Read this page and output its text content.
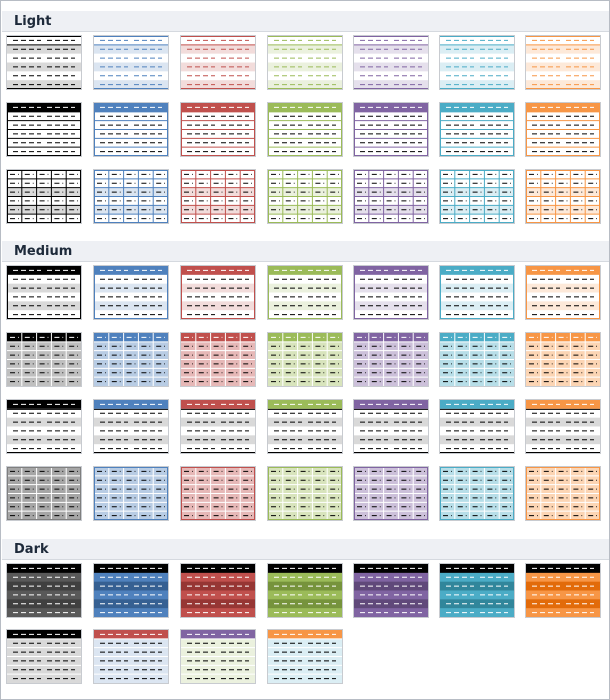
Light
Medium
Dark
